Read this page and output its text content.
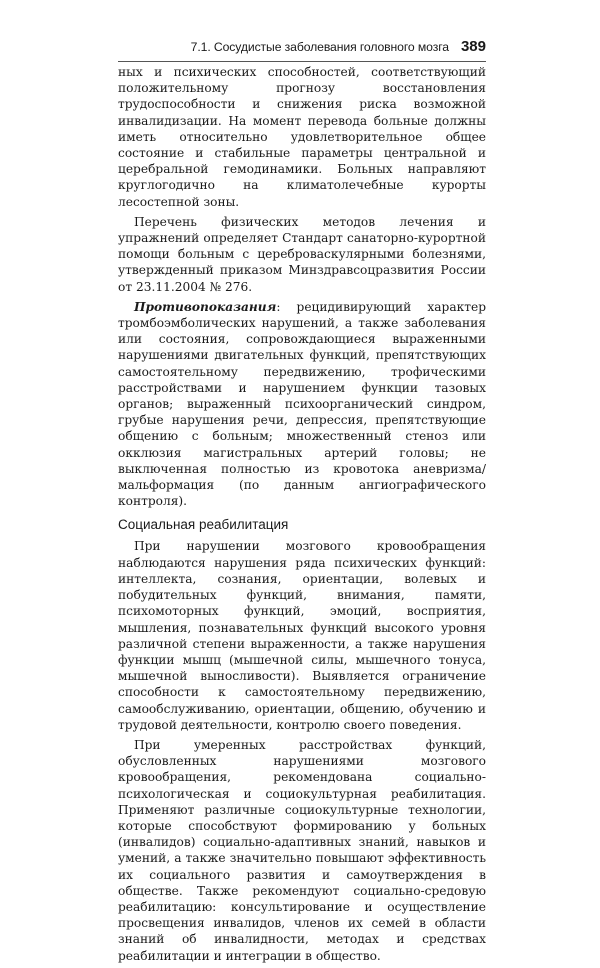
7.1. Сосудистые заболевания головного мозга 389

ных и психических способностей, соответствующий положительному прогнозу восстановления трудоспособности и снижения риска возможной инвалидизации. На момент перевода больные должны иметь относительно удовлетворительное общее состояние и стабильные параметры центральной и церебральной гемодинамики. Больных направляют круглогодично на климатолечебные курорты лесостепной зоны.

Перечень физических методов лечения и упражнений определяет Стандарт санаторно-курортной помощи больным с цереброваскулярными болезнями, утвержденный приказом Минздравсоцразвития России от 23.11.2004 № 276.

Противопоказания: рецидивирующий характер тромбоэмболических нарушений, а также заболевания или состояния, сопровождающиеся выраженными нарушениями двигательных функций, препятствующих самостоятельному передвижению, трофическими расстройствами и нарушением функции тазовых органов; выраженный психоорганический синдром, грубые нарушения речи, депрессия, препятствующие общению с больным; множественный стеноз или окклюзия магистральных артерий головы; не выключенная полностью из кровотока аневризма/мальформация (по данным ангиографического контроля).

Социальная реабилитация

При нарушении мозгового кровообращения наблюдаются нарушения ряда психических функций: интеллекта, сознания, ориентации, волевых и побудительных функций, внимания, памяти, психомоторных функций, эмоций, восприятия, мышления, познавательных функций высокого уровня различной степени выраженности, а также нарушения функции мышц (мышечной силы, мышечного тонуса, мышечной выносливости). Выявляется ограничение способности к самостоятельному передвижению, самообслуживанию, ориентации, общению, обучению и трудовой деятельности, контролю своего поведения.

При умеренных расстройствах функций, обусловленных нарушениями мозгового кровообращения, рекомендована социально-психологическая и социокультурная реабилитация. Применяют различные социокультурные технологии, которые способствуют формированию у больных (инвалидов) социально-адаптивных знаний, навыков и умений, а также значительно повышают эффективность их социального развития и самоутверждения в обществе. Также рекомендуют социально-средовую реабилитацию: консультирование и осуществление просвещения инвалидов, членов их семей в области знаний об инвалидности, методах и средствах реабилитации и интеграции в общество.
